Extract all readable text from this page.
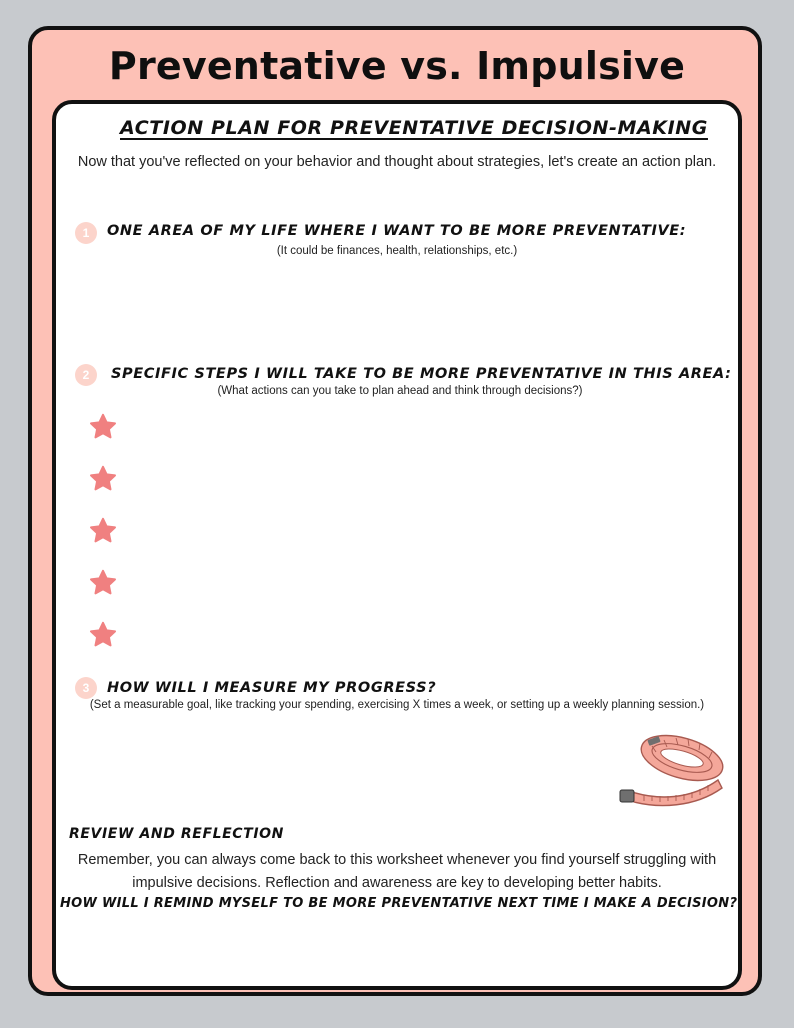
Preventative vs. Impulsive
ACTION PLAN FOR PREVENTATIVE DECISION-MAKING
Now that you've reflected on your behavior and thought about strategies, let's create an action plan.
1	ONE AREA OF MY LIFE WHERE I WANT TO BE MORE PREVENTATIVE:
(It could be finances, health, relationships, etc.)
2	SPECIFIC STEPS I WILL TAKE TO BE MORE PREVENTATIVE IN THIS AREA:
(What actions can you take to plan ahead and think through decisions?)
3	HOW WILL I MEASURE MY PROGRESS?
(Set a measurable goal, like tracking your spending, exercising X times a week, or setting up a weekly planning session.)
REVIEW AND REFLECTION
Remember, you can always come back to this worksheet whenever you find yourself struggling with impulsive decisions. Reflection and awareness are key to developing better habits.
HOW WILL I REMIND MYSELF TO BE MORE PREVENTATIVE NEXT TIME I MAKE A DECISION?
